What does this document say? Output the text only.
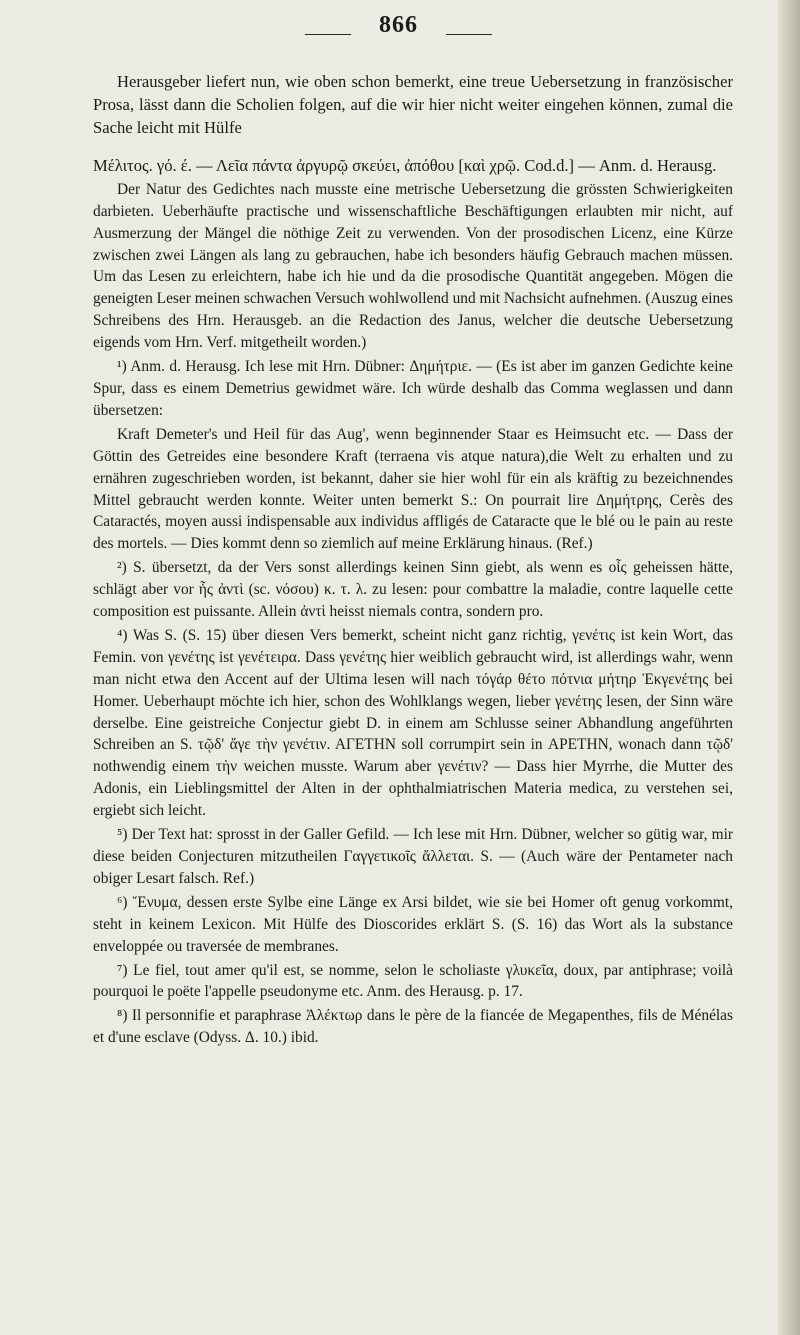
866

Herausgeber liefert nun, wie oben schon bemerkt, eine treue Uebersetzung in französischer Prosa, lässt dann die Scholien folgen, auf die wir hier nicht weiter eingehen können, zumal die Sache leicht mit Hülfe

Μέλιτος. γό. έ. — Λεῖα πάντα ἀργυρῷ σκεύει, ἀπόθου [καὶ χρῷ. Cod.d.] — Anm. d. Herausg.

Der Natur des Gedichtes nach musste eine metrische Uebersetzung die grössten Schwierigkeiten darbieten. Ueberhäufte practische und wissenschaftliche Beschäftigungen erlaubten mir nicht, auf Ausmerzung der Mängel die nöthige Zeit zu verwenden. Von der prosodischen Licenz, eine Kürze zwischen zwei Längen als lang zu gebrauchen, habe ich besonders häufig Gebrauch machen müssen. Um das Lesen zu erleichtern, habe ich hie und da die prosodische Quantität angegeben. Mögen die geneigten Leser meinen schwachen Versuch wohlwollend und mit Nachsicht aufnehmen. (Auszug eines Schreibens des Hrn. Herausgeb. an die Redaction des Janus, welcher die deutsche Uebersetzung eigends vom Hrn. Verf. mitgetheilt worden.)

¹) Anm. d. Herausg. Ich lese mit Hrn. Dübner: Δημήτριε. — (Es ist aber im ganzen Gedichte keine Spur, dass es einem Demetrius gewidmet wäre. Ich würde deshalb das Comma weglassen und dann übersetzen:

Kraft Demeter's und Heil für das Aug', wenn beginnender Staar es Heimsucht etc. — Dass der Göttin des Getreides eine besondere Kraft (terraena vis atque natura),die Welt zu erhalten und zu ernähren zugeschrieben worden, ist bekannt, daher sie hier wohl für ein als kräftig zu bezeichnendes Mittel gebraucht werden konnte. Weiter unten bemerkt S.: On pourrait lire Δημήτρης, Cerès des Cataractés, moyen aussi indispensable aux individus affligés de Cataracte que le blé ou le pain au reste des mortels. — Dies kommt denn so ziemlich auf meine Erklärung hinaus. (Ref.)

²) S. übersetzt, da der Vers sonst allerdings keinen Sinn giebt, als wenn es οἷς geheissen hätte, schlägt aber vor ἧς ἀντὶ (sc. νόσου) κ. τ. λ. zu lesen: pour combattre la maladie, contre laquelle cette composition est puissante. Allein ἀντὶ heisst niemals contra, sondern pro.

⁴) Was S. (S. 15) über diesen Vers bemerkt, scheint nicht ganz richtig, γενέτις ist kein Wort, das Femin. von γενέτης ist γενέτειρα. Dass γενέτης hier weiblich gebraucht wird, ist allerdings wahr, wenn man nicht etwa den Accent auf der Ultima lesen will nach τόγάρ θέτο πότνια μήτηρ Ἐκγενέτης bei Homer. Ueberhaupt möchte ich hier, schon des Wohlklangs wegen, lieber γενέτης lesen, der Sinn wäre derselbe. Eine geistreiche Conjectur giebt D. in einem am Schlusse seiner Abhandlung angeführten Schreiben an S. τῷδ' ἄγε τὴν γενέτιν. ΑΓΕΤΗΝ soll corrumpirt sein in ΑΡΕΤΗΝ, wonach dann τῷδ' nothwendig einem τὴν weichen musste. Warum aber γενέτιν? — Dass hier Myrrhe, die Mutter des Adonis, ein Lieblingsmittel der Alten in der ophthalmiatrischen Materia medica, zu verstehen sei, ergiebt sich leicht.

⁵) Der Text hat: sprosst in der Galler Gefild. — Ich lese mit Hrn. Dübner, welcher so gütig war, mir diese beiden Conjecturen mitzutheilen Γαγγετικοῖς ἄλλεται. S. — (Auch wäre der Pentameter nach obiger Lesart falsch. Ref.)

⁶) Ἔνυμα, dessen erste Sylbe eine Länge ex Arsi bildet, wie sie bei Homer oft genug vorkommt, steht in keinem Lexicon. Mit Hülfe des Dioscorides erklärt S. (S. 16) das Wort als la substance enveloppée ou traversée de membranes.

⁷) Le fiel, tout amer qu'il est, se nomme, selon le scholiaste γλυκεῖα, doux, par antiphrase; voilà pourquoi le poëte l'appelle pseudonyme etc. Anm. des Herausg. p. 17.

⁸) Il personnifie et paraphrase Ἀλέκτωρ dans le père de la fiancée de Megapenthes, fils de Ménélas et d'une esclave (Odyss. Δ. 10.) ibid.
